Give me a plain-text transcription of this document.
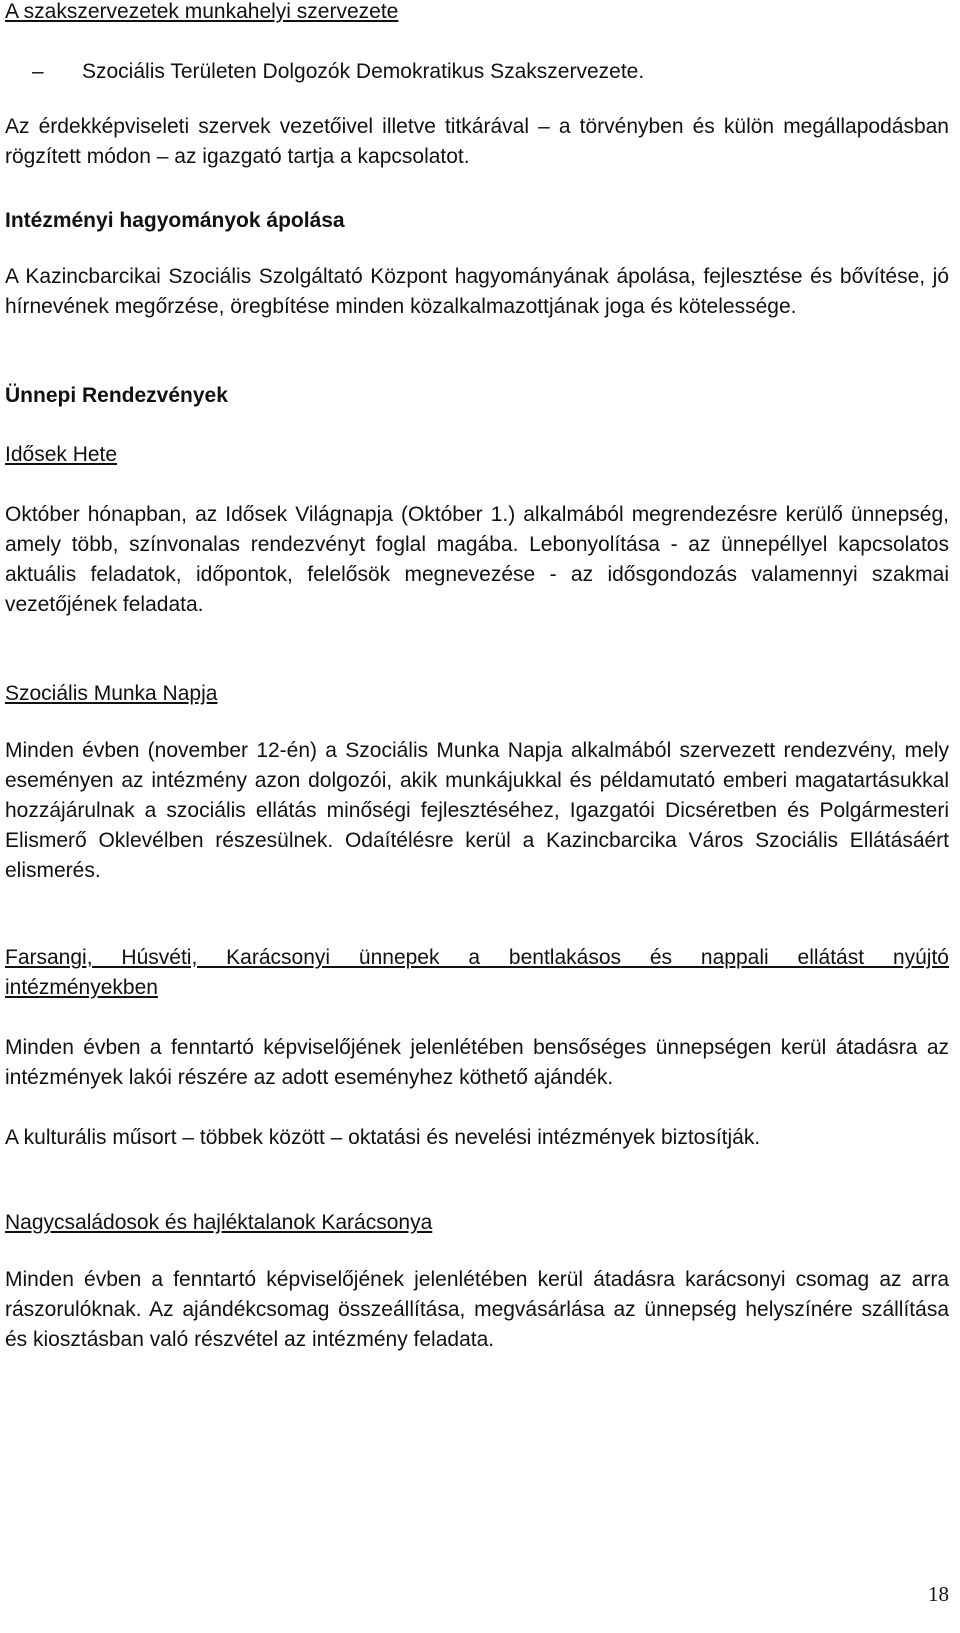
A szakszervezetek munkahelyi szervezete
– Szociális Területen Dolgozók Demokratikus Szakszervezete.

Az érdekképviseleti szervek vezetőivel illetve titkárával – a törvényben és külön megállapodásban rögzített módon – az igazgató tartja a kapcsolatot.

Intézményi hagyományok ápolása

A Kazincbarcikai Szociális Szolgáltató Központ hagyományának ápolása, fejlesztése és bővítése, jó hírnevének megőrzése, öregbítése minden közalkalmazottjának joga és kötelessége.

Ünnepi Rendezvények
Idősek Hete

Október hónapban, az Idősek Világnapja (Október 1.) alkalmából megrendezésre kerülő ünnepség, amely több, színvonalas rendezvényt foglal magába. Lebonyolítása - az ünnepéllyel kapcsolatos aktuális feladatok, időpontok, felelősök megnevezése - az idősgondozás valamennyi szakmai vezetőjének feladata.

Szociális Munka Napja

Minden évben (november 12-én) a Szociális Munka Napja alkalmából szervezett rendezvény, mely eseményen az intézmény azon dolgozói, akik munkájukkal és példamutató emberi magatartásukkal hozzájárulnak a szociális ellátás minőségi fejlesztéséhez, Igazgatói Dicséretben és Polgármesteri Elismerő Oklevélben részesülnek. Odaítélésre kerül a Kazincbarcika Város Szociális Ellátásáért elismerés.

Farsangi, Húsvéti, Karácsonyi ünnepek a bentlakásos és nappali ellátást nyújtó
intézményekben

Minden évben a fenntartó képviselőjének jelenlétében bensőséges ünnepségen kerül átadásra az intézmények lakói részére az adott eseményhez köthető ajándék.

A kulturális műsort – többek között – oktatási és nevelési intézmények biztosítják.

Nagycsaládosok és hajléktalanok Karácsonya

Minden évben a fenntartó képviselőjének jelenlétében kerül átadásra karácsonyi csomag az arra rászorulóknak. Az ajándékcsomag összeállítása, megvásárlása az ünnepség helyszínére szállítása és kiosztásban való részvétel az intézmény feladata.

18
